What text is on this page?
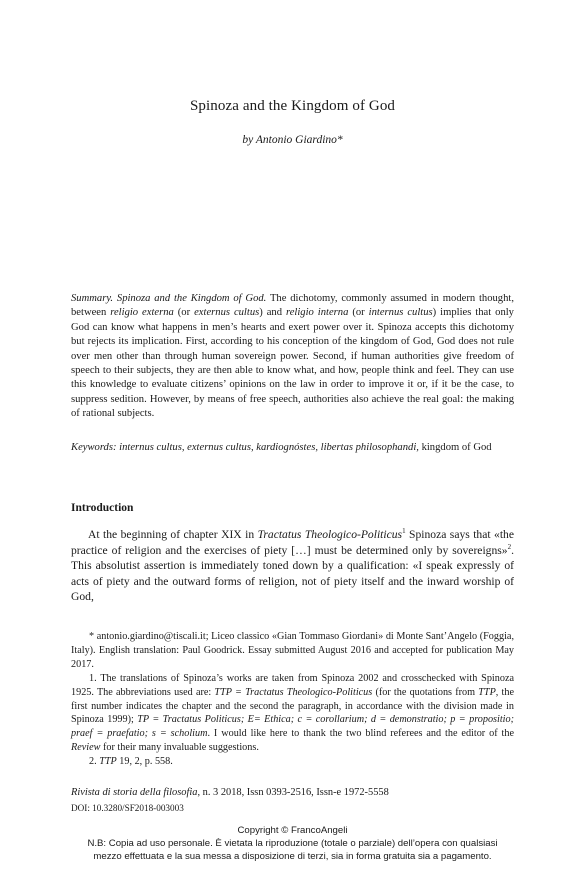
Spinoza and the Kingdom of God
by Antonio Giardino*
Summary. Spinoza and the Kingdom of God. The dichotomy, commonly assumed in modern thought, between religio externa (or externus cultus) and religio interna (or internus cultus) implies that only God can know what happens in men’s hearts and exert power over it. Spinoza accepts this dichotomy but rejects its implication. First, according to his conception of the kingdom of God, God does not rule over men other than through human sovereign power. Second, if human authorities give freedom of speech to their subjects, they are then able to know what, and how, people think and feel. They can use this knowledge to evaluate citizens’ opinions on the law in order to improve it or, if it be the case, to suppress sedition. However, by means of free speech, authorities also achieve the real goal: the making of rational subjects.
Keywords: internus cultus, externus cultus, kardiognóstes, libertas philosophandi, kingdom of God
Introduction
At the beginning of chapter XIX in Tractatus Theologico-Politicus$^1$ Spinoza says that «the practice of religion and the exercises of piety […] must be determined only by sovereigns»$^2$. This absolutist assertion is immediately toned down by a qualification: «I speak expressly of acts of piety and the outward forms of religion, not of piety itself and the inward worship of God,

* antonio.giardino@tiscali.it; Liceo classico «Gian Tommaso Giordani» di Monte Sant’Angelo (Foggia, Italy). English translation: Paul Goodrick. Essay submitted August 2016 and accepted for publication May 2017.

1. The translations of Spinoza’s works are taken from Spinoza 2002 and crosschecked with Spinoza 1925. The abbreviations used are: TTP = Tractatus Theologico-Politicus (for the quotations from TTP, the first number indicates the chapter and the second the paragraph, in accordance with the division made in Spinoza 1999); TP = Tractatus Politicus; E= Ethica; c = corollarium; d = demonstratio; p = propositio; praef = praefatio; s = scholium. I would like here to thank the two blind referees and the editor of the Review for their many invaluable suggestions.

2. TTP 19, 2, p. 558.

Rivista di storia della filosofia, n. 3 2018, Issn 0393-2516, Issn-e 1972-5558
DOI: 10.3280/SF2018-003003
Copyright © FrancoAngeli
N.B: Copia ad uso personale. È vietata la riproduzione (totale o parziale) dell’opera con qualsiasi
mezzo effettuata e la sua messa a disposizione di terzi, sia in forma gratuita sia a pagamento.
